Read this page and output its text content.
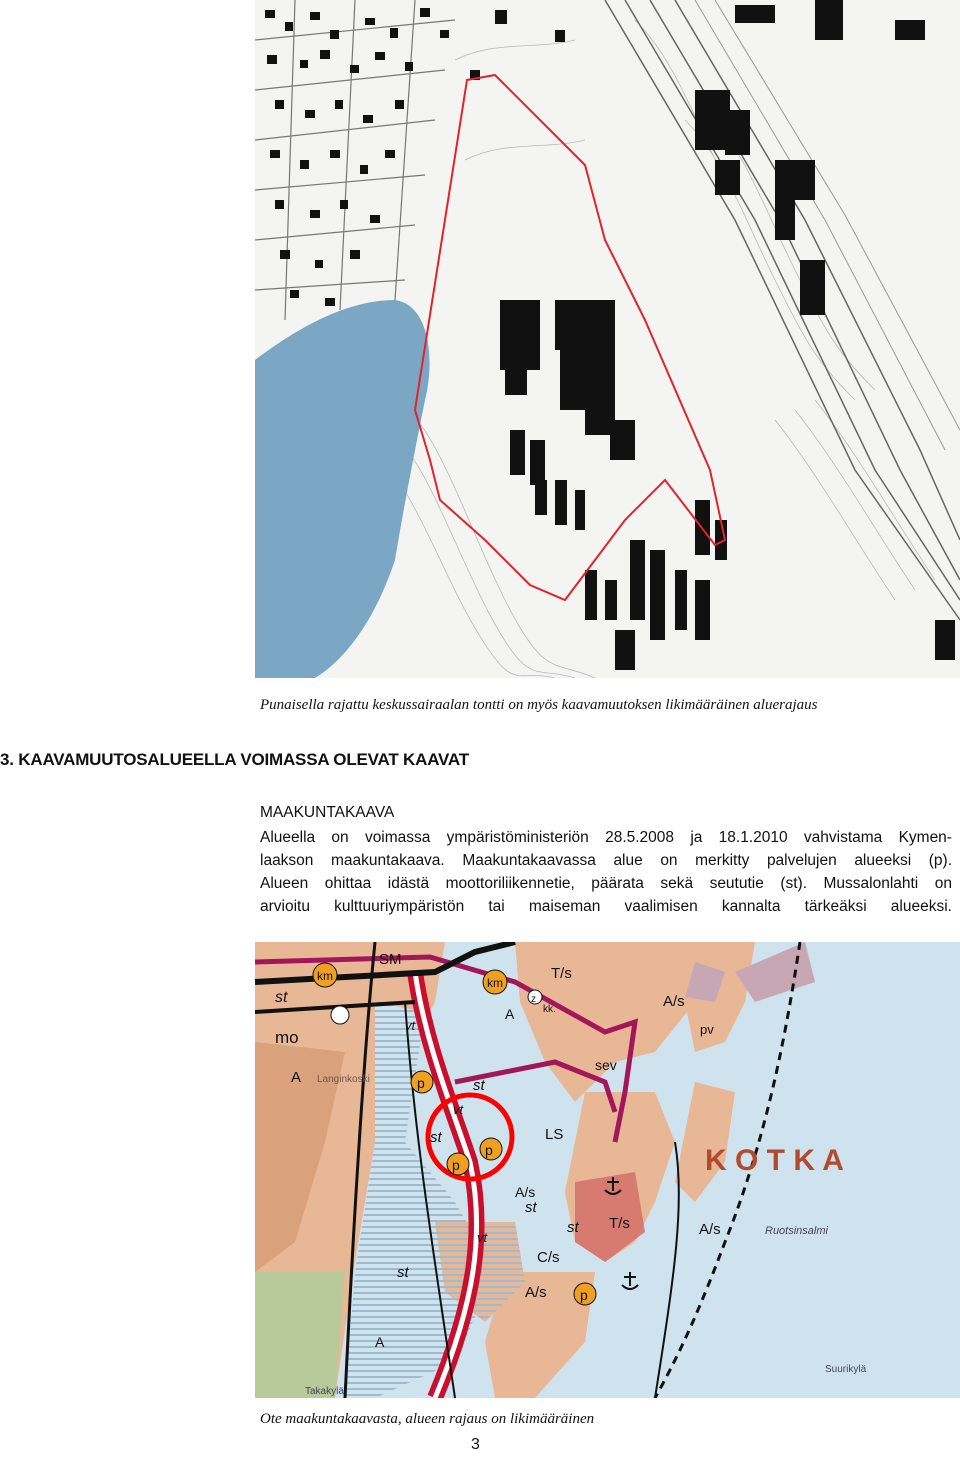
Punaisella rajattu keskussairaalan tontti on myös kaavamuutoksen likimääräinen aluerajaus
3. KAAVAMUUTOSALUEELLA VOIMASSA OLEVAT KAAVAT
MAAKUNTAKAAVA
Alueella on voimassa ympäristöministeriön 28.5.2008 ja 18.1.2010 vahvistama Kymen-
laakson maakuntakaava. Maakuntakaavassa alue on merkitty palvelujen alueeksi (p).
Alueen ohittaa idästä moottoriliikennetie, päärata sekä seututie (st). Mussalonlahti on
arvioitu kulttuuriympäristön tai maiseman vaalimisen kannalta tärkeäksi alueeksi.
SM
st
km	km
mo
kk.
z
T/s
A/s
pv
A
A
Langinkoski	p
p
p
p
st
st
st
st
st
vt
vt
vt
sev
LS
A/s
A/s
A/s
C/s
T/s
K O T K A
Ruotsinsalmi
Suurikylä
Takakylä
A
Ote maakuntakaavasta, alueen rajaus on likimääräinen
3
